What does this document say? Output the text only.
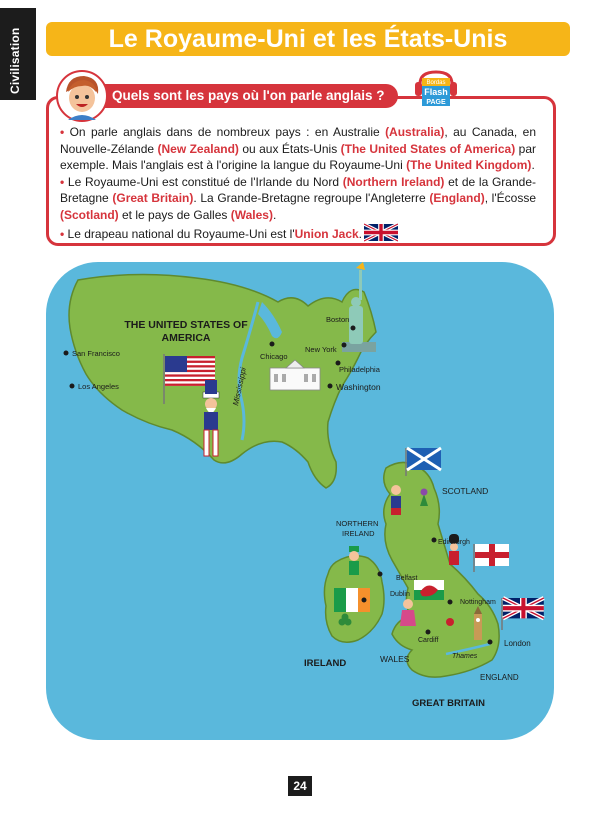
Civilisation	Le Royaume-Uni et les États-Unis
Quels sont les pays où l'on parle anglais ?
Bordas
Flash
PAGE

• On parle anglais dans de nombreux pays : en Australie (Australia), au Canada, en Nouvelle-Zélande (New Zealand) ou aux États-Unis (The United States of America) par exemple. Mais l'anglais est à l'origine la langue du Royaume-Uni (The United Kingdom).

• Le Royaume-Uni est constitué de l'Irlande du Nord (Northern Ireland) et de la Grande-Bretagne (Great Britain). La Grande-Bretagne regroupe l'Angleterre (England), l'Écosse (Scotland) et le pays de Galles (Wales).

• Le drapeau national du Royaume-Uni est l'Union Jack.

THE UNITED STATES OF
AMERICA
San Francisco
Los Angeles
Chicago
New York
Boston
Philadelphia
Washington
Mississippi
SCOTLAND
NORTHERN
IRELAND
IRELAND	WALES
ENGLAND
GREAT BRITAIN
Edinburgh
Belfast
Dublin
Cardiff
Nottingham
London
Thames
24
